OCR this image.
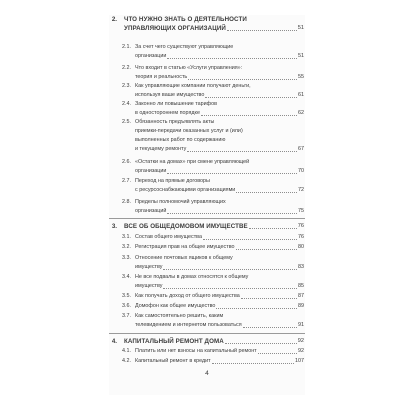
2. ЧТО НУЖНО ЗНАТЬ О ДЕЯТЕЛЬНОСТИ
УПРАВЛЯЮЩИХ ОРГАНИЗАЦИЙ	51
2.1. За счет чего существуют управляющие
организации	51
2.2. Что входит в статью «Услуги управления»:
теория и реальность	55
2.3. Как управляющие компании получают деньги,
используя ваше имущество	61
2.4. Законно ли повышение тарифов
в одностороннем порядке	62
2.5. Обязанность предъявлять акты
приемки-передачи оказанных услуг и (или)
выполненных работ по содержанию
и текущему ремонту	67
2.6. «Остатки на домах» при смене управляющей
организации	70
2.7. Переход на прямые договоры
с ресурсоснабжающими организациями	72
2.8. Пределы полномочий управляющих
организаций	75
3. ВСЕ ОБ ОБЩЕДОМОВОМ ИМУЩЕСТВЕ	76
3.1. Состав общего имущества	76
3.2. Регистрация прав на общее имущество	80
3.3. Относение почтовых ящиков к общему
имуществу	83
3.4. Не все подвалы в домах относятся к общему
имуществу	85
3.5. Как получать доход от общего имущества	87
3.6. Домофон как общее имущество	89
3.7. Как самостоятельно решить, каким
телевидением и интернетом пользоваться	91
4. КАПИТАЛЬНЫЙ РЕМОНТ ДОМА	92
4.1. Платить или нет взносы на капитальный ремонт	92
4.2. Капитальный ремонт в кредит	107
4
